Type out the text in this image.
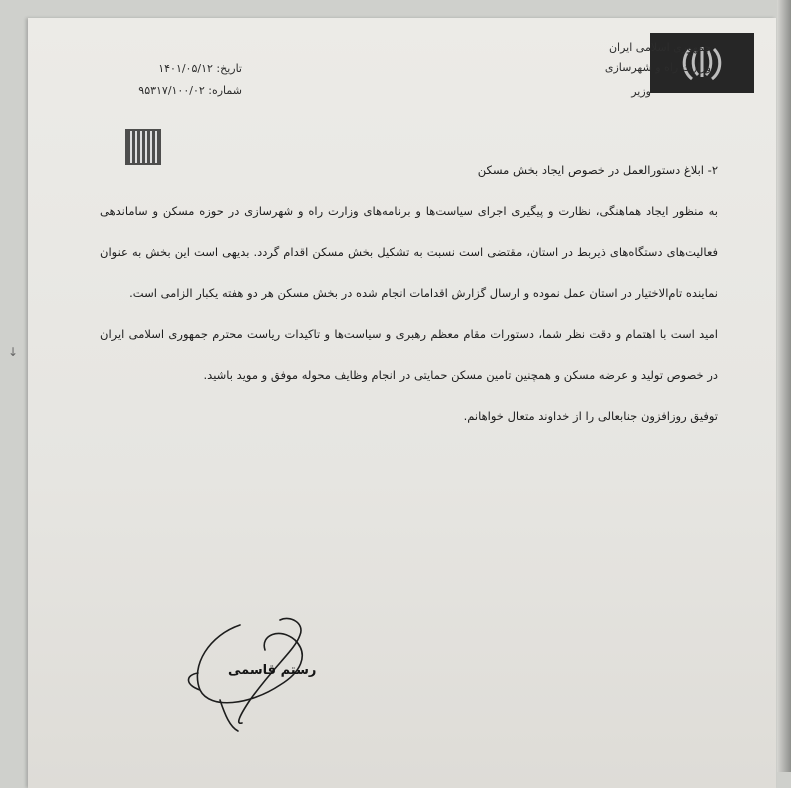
جمهوری اسلامی ایران
وزارت راه و شهرسازی
وزیر
تاریخ: ۱۴۰۱/۰۵/۱۲
شماره: ۹۵۳۱۷/۱۰۰/۰۲

۲- ابلاغ دستورالعمل در خصوص ایجاد بخش مسکن

به منظور ایجاد هماهنگی، نظارت و پیگیری اجرای سیاست‌ها و برنامه‌های وزارت راه و شهرسازی در حوزه مسکن و ساماندهی فعالیت‌های دستگاه‌های ذیربط در استان، مقتضی است نسبت به تشکیل بخش مسکن اقدام گردد. بدیهی است این بخش به عنوان نماینده تام‌الاختیار در استان عمل نموده و ارسال گزارش اقدامات انجام شده در بخش مسکن هر دو هفته یکبار الزامی است.

امید است با اهتمام و دقت نظر شما، دستورات مقام معظم رهبری و سیاست‌ها و تاکیدات ریاست محترم جمهوری اسلامی ایران در خصوص تولید و عرضه مسکن و همچنین تامین مسکن حمایتی در انجام وظایف محوله موفق و موید باشید.

توفیق روزافزون جنابعالی را از خداوند متعال خواهانم.

رستم قاسمی
↓
